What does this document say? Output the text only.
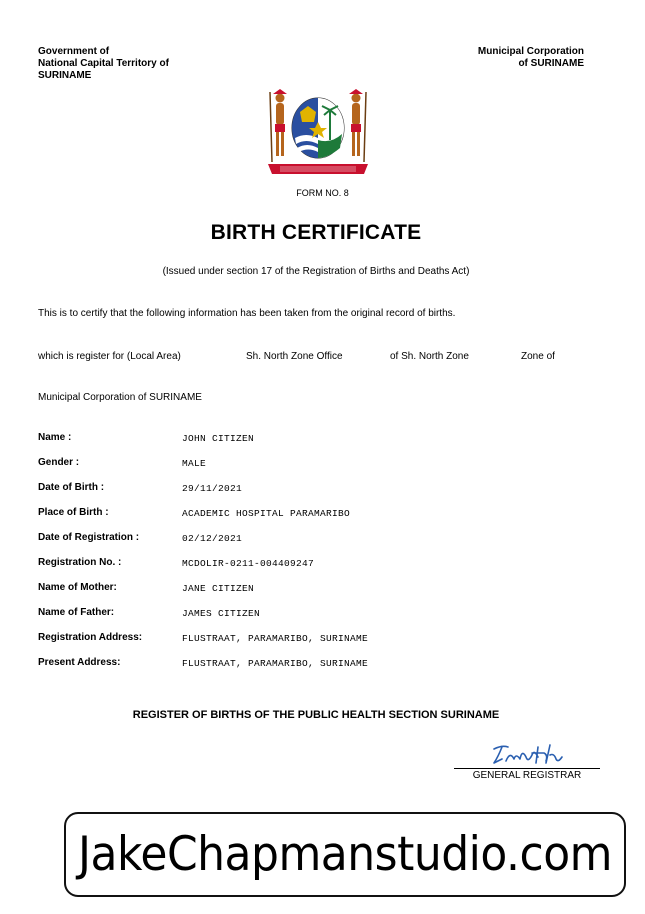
Government of
National Capital Territory of
SURINAME
Municipal Corporation
of SURINAME
FORM NO. 8
BIRTH CERTIFICATE
(Issued under section 17 of the Registration of Births and Deaths Act)
This is to certify that the following information has been taken from the original record of births.
which is register for (Local Area)	Sh. North Zone Office	of Sh. North Zone	Zone of
Municipal Corporation of SURINAME
Name :	JOHN CITIZEN
Gender :	MALE
Date of Birth :	29/11/2021
Place of Birth :	ACADEMIC HOSPITAL PARAMARIBO
Date of Registration :	02/12/2021
Registration No. :	MCDOLIR-0211-004409247
Name of Mother:	JANE CITIZEN
Name of Father:	JAMES CITIZEN
Registration Address:	FLUSTRAAT, PARAMARIBO, SURINAME
Present Address:	FLUSTRAAT, PARAMARIBO, SURINAME
REGISTER OF BIRTHS OF THE PUBLIC HEALTH SECTION SURINAME
GENERAL REGISTRAR
JakeChapmanstudio.com
